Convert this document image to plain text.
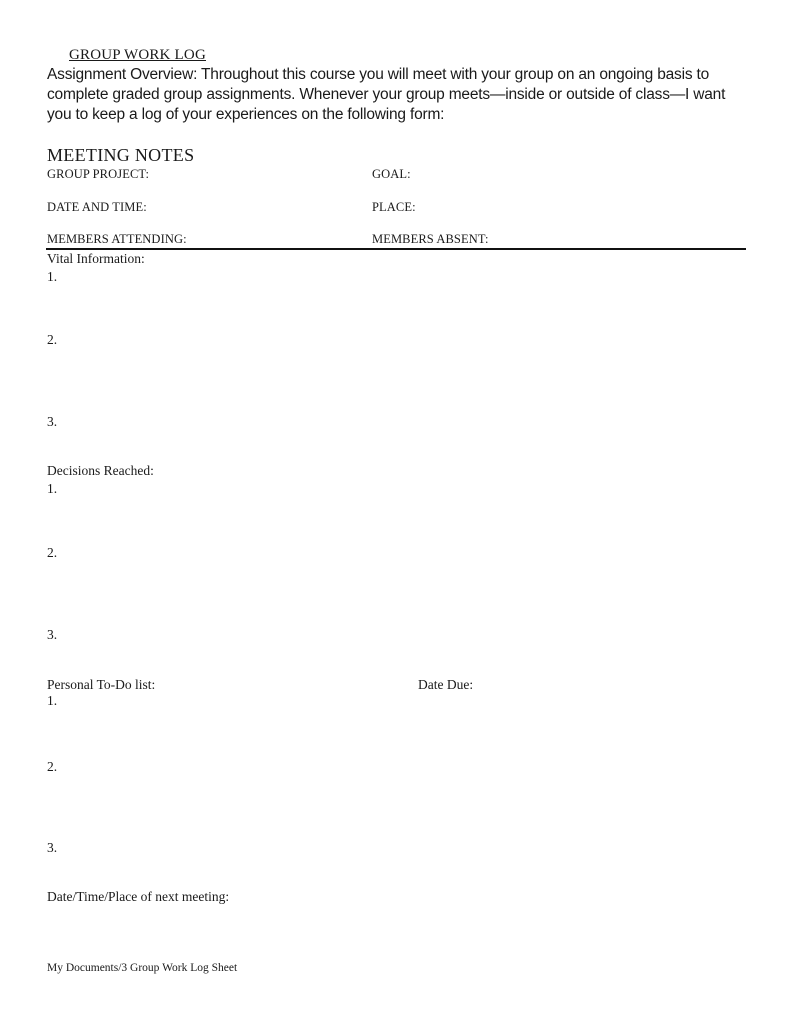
GROUP WORK LOG
Assignment Overview: Throughout this course you will meet with your group on an ongoing basis to complete graded group assignments. Whenever your group meets—inside or outside of class—I want you to keep a log of your experiences on the following form:
MEETING NOTES
GROUP PROJECT:	GOAL:
DATE AND TIME:	PLACE:
MEMBERS ATTENDING:	MEMBERS ABSENT:
Vital Information:
1.
2.
3.
Decisions Reached:
1.
2.
3.
Personal To-Do list:	Date Due:
1.
2.
3.
Date/Time/Place of next meeting:
My Documents/3 Group Work Log Sheet
